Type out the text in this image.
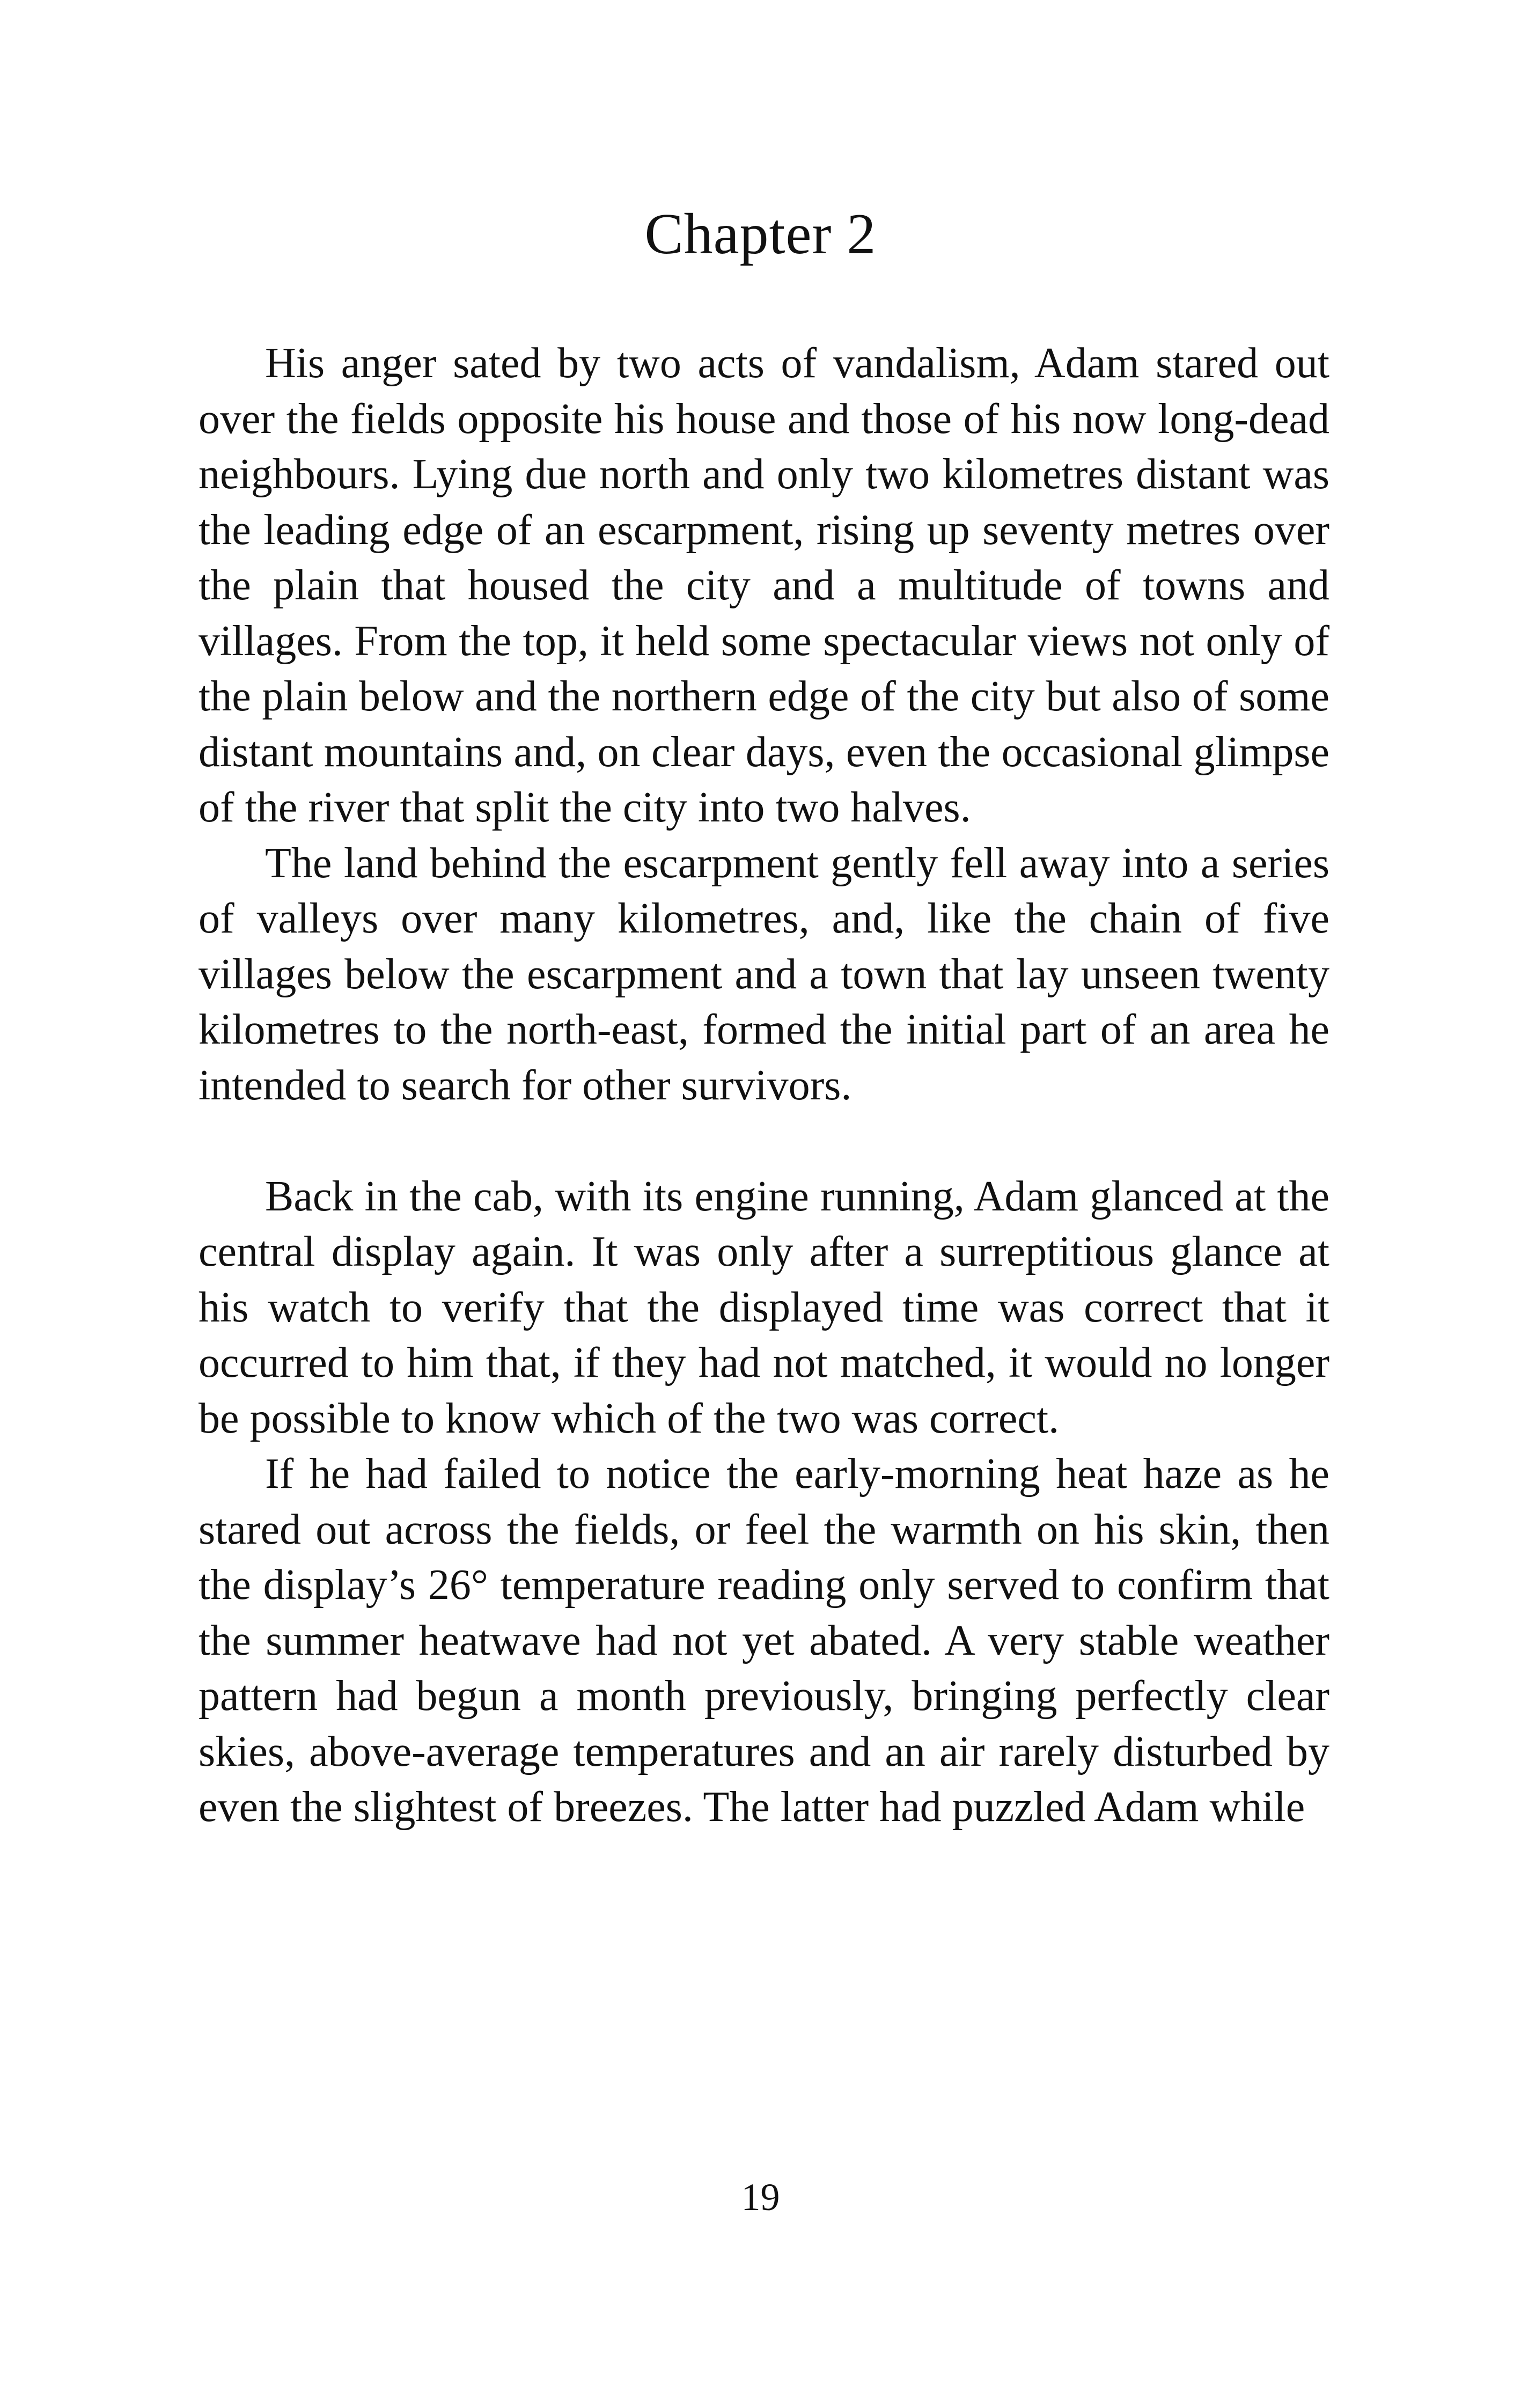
Chapter 2

His anger sated by two acts of vandalism, Adam stared out over the fields opposite his house and those of his now long-dead neighbours. Lying due north and only two kilometres distant was the leading edge of an escarpment, rising up seventy metres over the plain that housed the city and a multitude of towns and villages. From the top, it held some spectacular views not only of the plain below and the northern edge of the city but also of some distant mountains and, on clear days, even the occasional glimpse of the river that split the city into two halves.

The land behind the escarpment gently fell away into a series of valleys over many kilometres, and, like the chain of five villages below the escarpment and a town that lay unseen twenty kilometres to the north-east, formed the initial part of an area he intended to search for other survivors.

Back in the cab, with its engine running, Adam glanced at the central display again. It was only after a surreptitious glance at his watch to verify that the displayed time was correct that it occurred to him that, if they had not matched, it would no longer be possible to know which of the two was correct.

If he had failed to notice the early-morning heat haze as he stared out across the fields, or feel the warmth on his skin, then the display’s 26° temperature reading only served to confirm that the summer heatwave had not yet abated. A very stable weather pattern had begun a month previously, bringing perfectly clear skies, above-average temperatures and an air rarely disturbed by even the slightest of breezes. The latter had puzzled Adam while

19
